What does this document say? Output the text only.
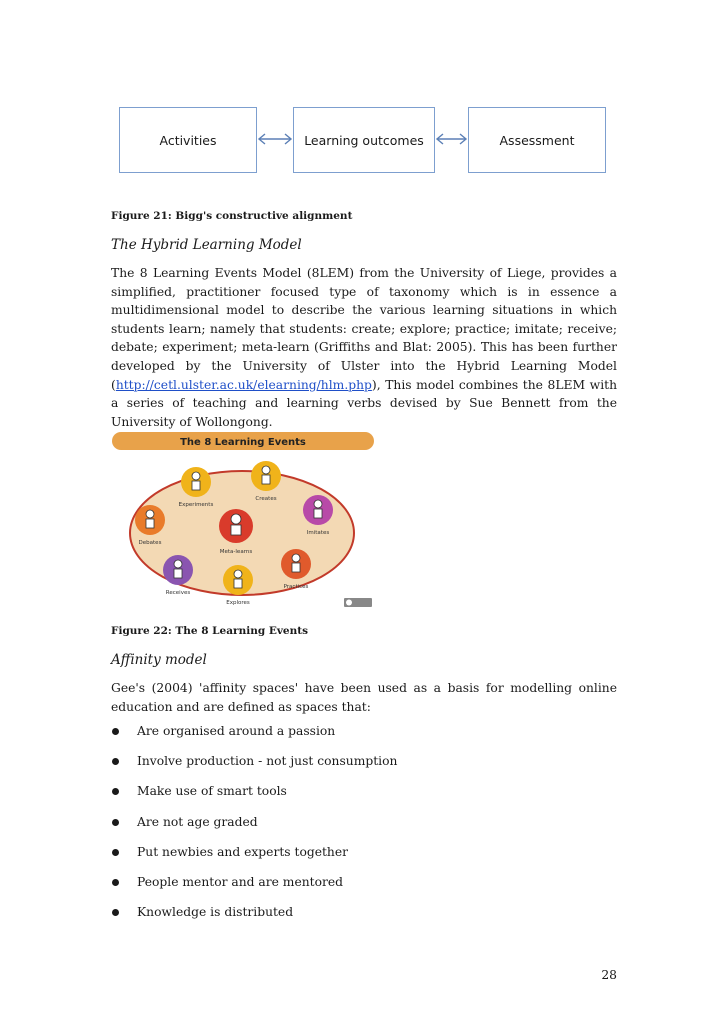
Activities	Learning outcomes	Assessment
Figure 21: Bigg's constructive alignment
The Hybrid Learning Model

The 8 Learning Events Model (8LEM) from the University of Liege, provides a simplified, practitioner focused type of taxonomy which is in essence a multidimensional model to describe the various learning situations in which students learn; namely that students: create; explore; practice; imitate; receive; debate; experiment; meta-learn (Griffiths and Blat: 2005). This has been further developed by the University of Ulster into the Hybrid Learning Model (http://cetl.ulster.ac.uk/elearning/hlm.php), This model combines the 8LEM with a series of teaching and learning verbs devised by Sue Bennett from the University of Wollongong.

The 8 Learning Events
Experiments
Creates
Imitates
Practices
Explores
Receives
Debates
Meta-learns
Figure 22: The 8 Learning Events
Affinity model

Gee's (2004) 'affinity spaces' have been used as a basis for modelling online education and are defined as spaces that:

Are organised around a passion
Involve production - not just consumption
Make use of smart tools
Are not age graded
Put newbies and experts together
People mentor and are mentored
Knowledge is distributed
28
